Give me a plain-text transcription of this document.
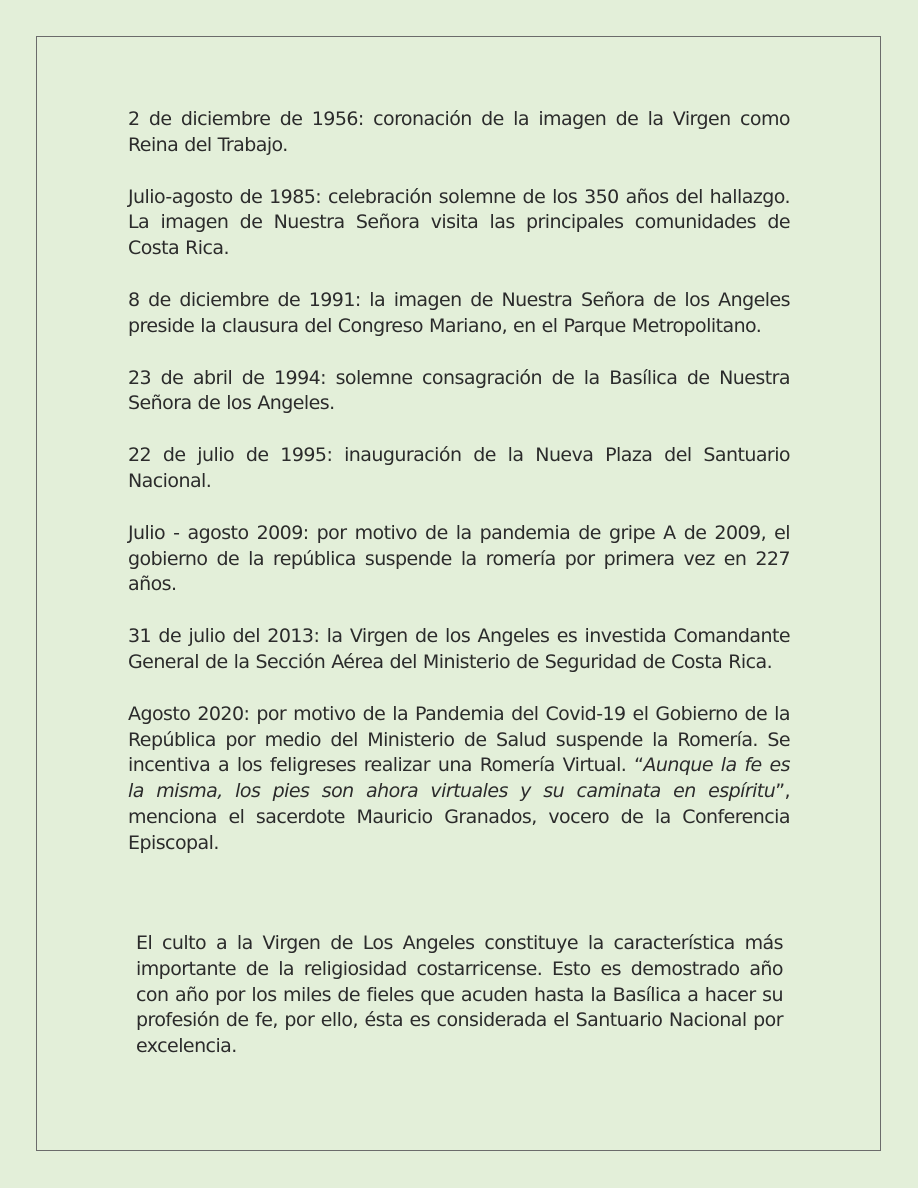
2 de diciembre de 1956: coronación de la imagen de la Virgen como Reina del Trabajo.

Julio-agosto de 1985: celebración solemne de los 350 años del hallazgo. La imagen de Nuestra Señora visita las principales comunidades de Costa Rica.

8 de diciembre de 1991: la imagen de Nuestra Señora de los Angeles preside la clausura del Congreso Mariano, en el Parque Metropolitano.

23 de abril de 1994: solemne consagración de la Basílica de Nuestra Señora de los Angeles.

22 de julio de 1995: inauguración de la Nueva Plaza del Santuario Nacional.

Julio - agosto 2009: por motivo de la pandemia de gripe A de 2009, el gobierno de la república suspende la romería por primera vez en 227 años.

31 de julio del 2013: la Virgen de los Angeles es investida Comandante General de la Sección Aérea del Ministerio de Seguridad de Costa Rica.

Agosto 2020: por motivo de la Pandemia del Covid-19 el Gobierno de la República por medio del Ministerio de Salud suspende la Romería. Se incentiva a los feligreses realizar una Romería Virtual. “Aunque la fe es la misma, los pies son ahora virtuales y su caminata en espíritu”, menciona el sacerdote Mauricio Granados, vocero de la Conferencia Episcopal.

El culto a la Virgen de Los Angeles constituye la característica más importante de la religiosidad costarricense. Esto es demostrado año con año por los miles de fieles que acuden hasta la Basílica a hacer su profesión de fe, por ello, ésta es considerada el Santuario Nacional por excelencia.
